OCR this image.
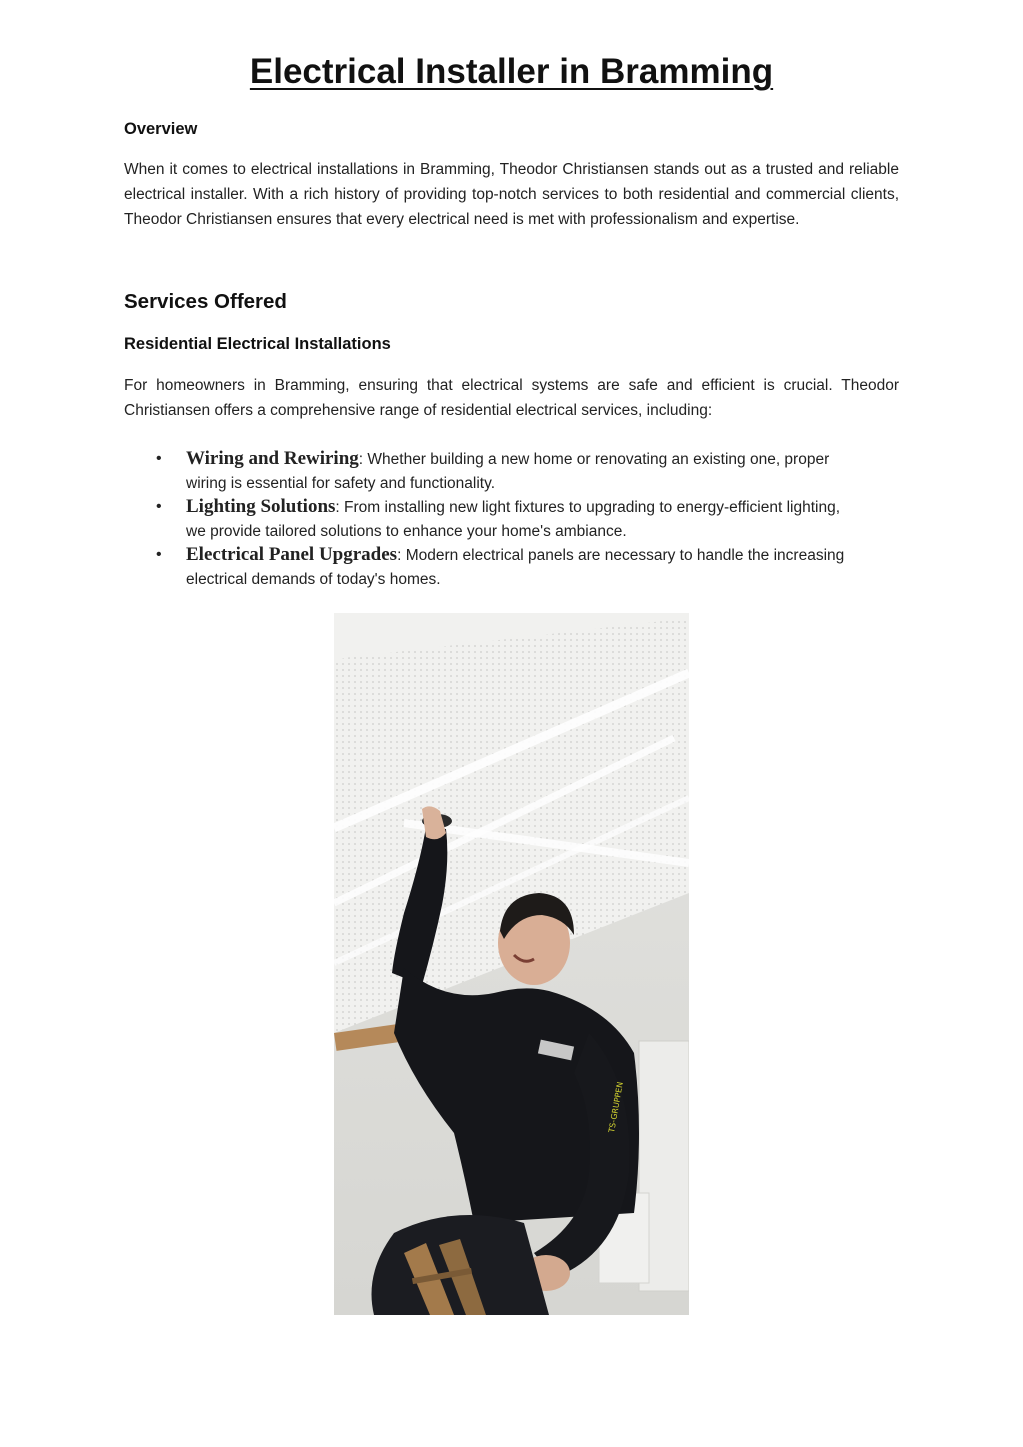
Electrical Installer in Bramming
Overview

When it comes to electrical installations in Bramming, Theodor Christiansen stands out as a trusted and reliable electrical installer. With a rich history of providing top-notch services to both residential and commercial clients, Theodor Christiansen ensures that every electrical need is met with professionalism and expertise.

Services Offered
Residential Electrical Installations

For homeowners in Bramming, ensuring that electrical systems are safe and efficient is crucial. Theodor Christiansen offers a comprehensive range of residential electrical services, including:

• Wiring and Rewiring: Whether building a new home or renovating an existing one, proper wiring is essential for safety and functionality.
• Lighting Solutions: From installing new light fixtures to upgrading to energy-efficient lighting, we provide tailored solutions to enhance your home's ambiance.
• Electrical Panel Upgrades: Modern electrical panels are necessary to handle the increasing electrical demands of today's homes.
TS-GRUPPEN
